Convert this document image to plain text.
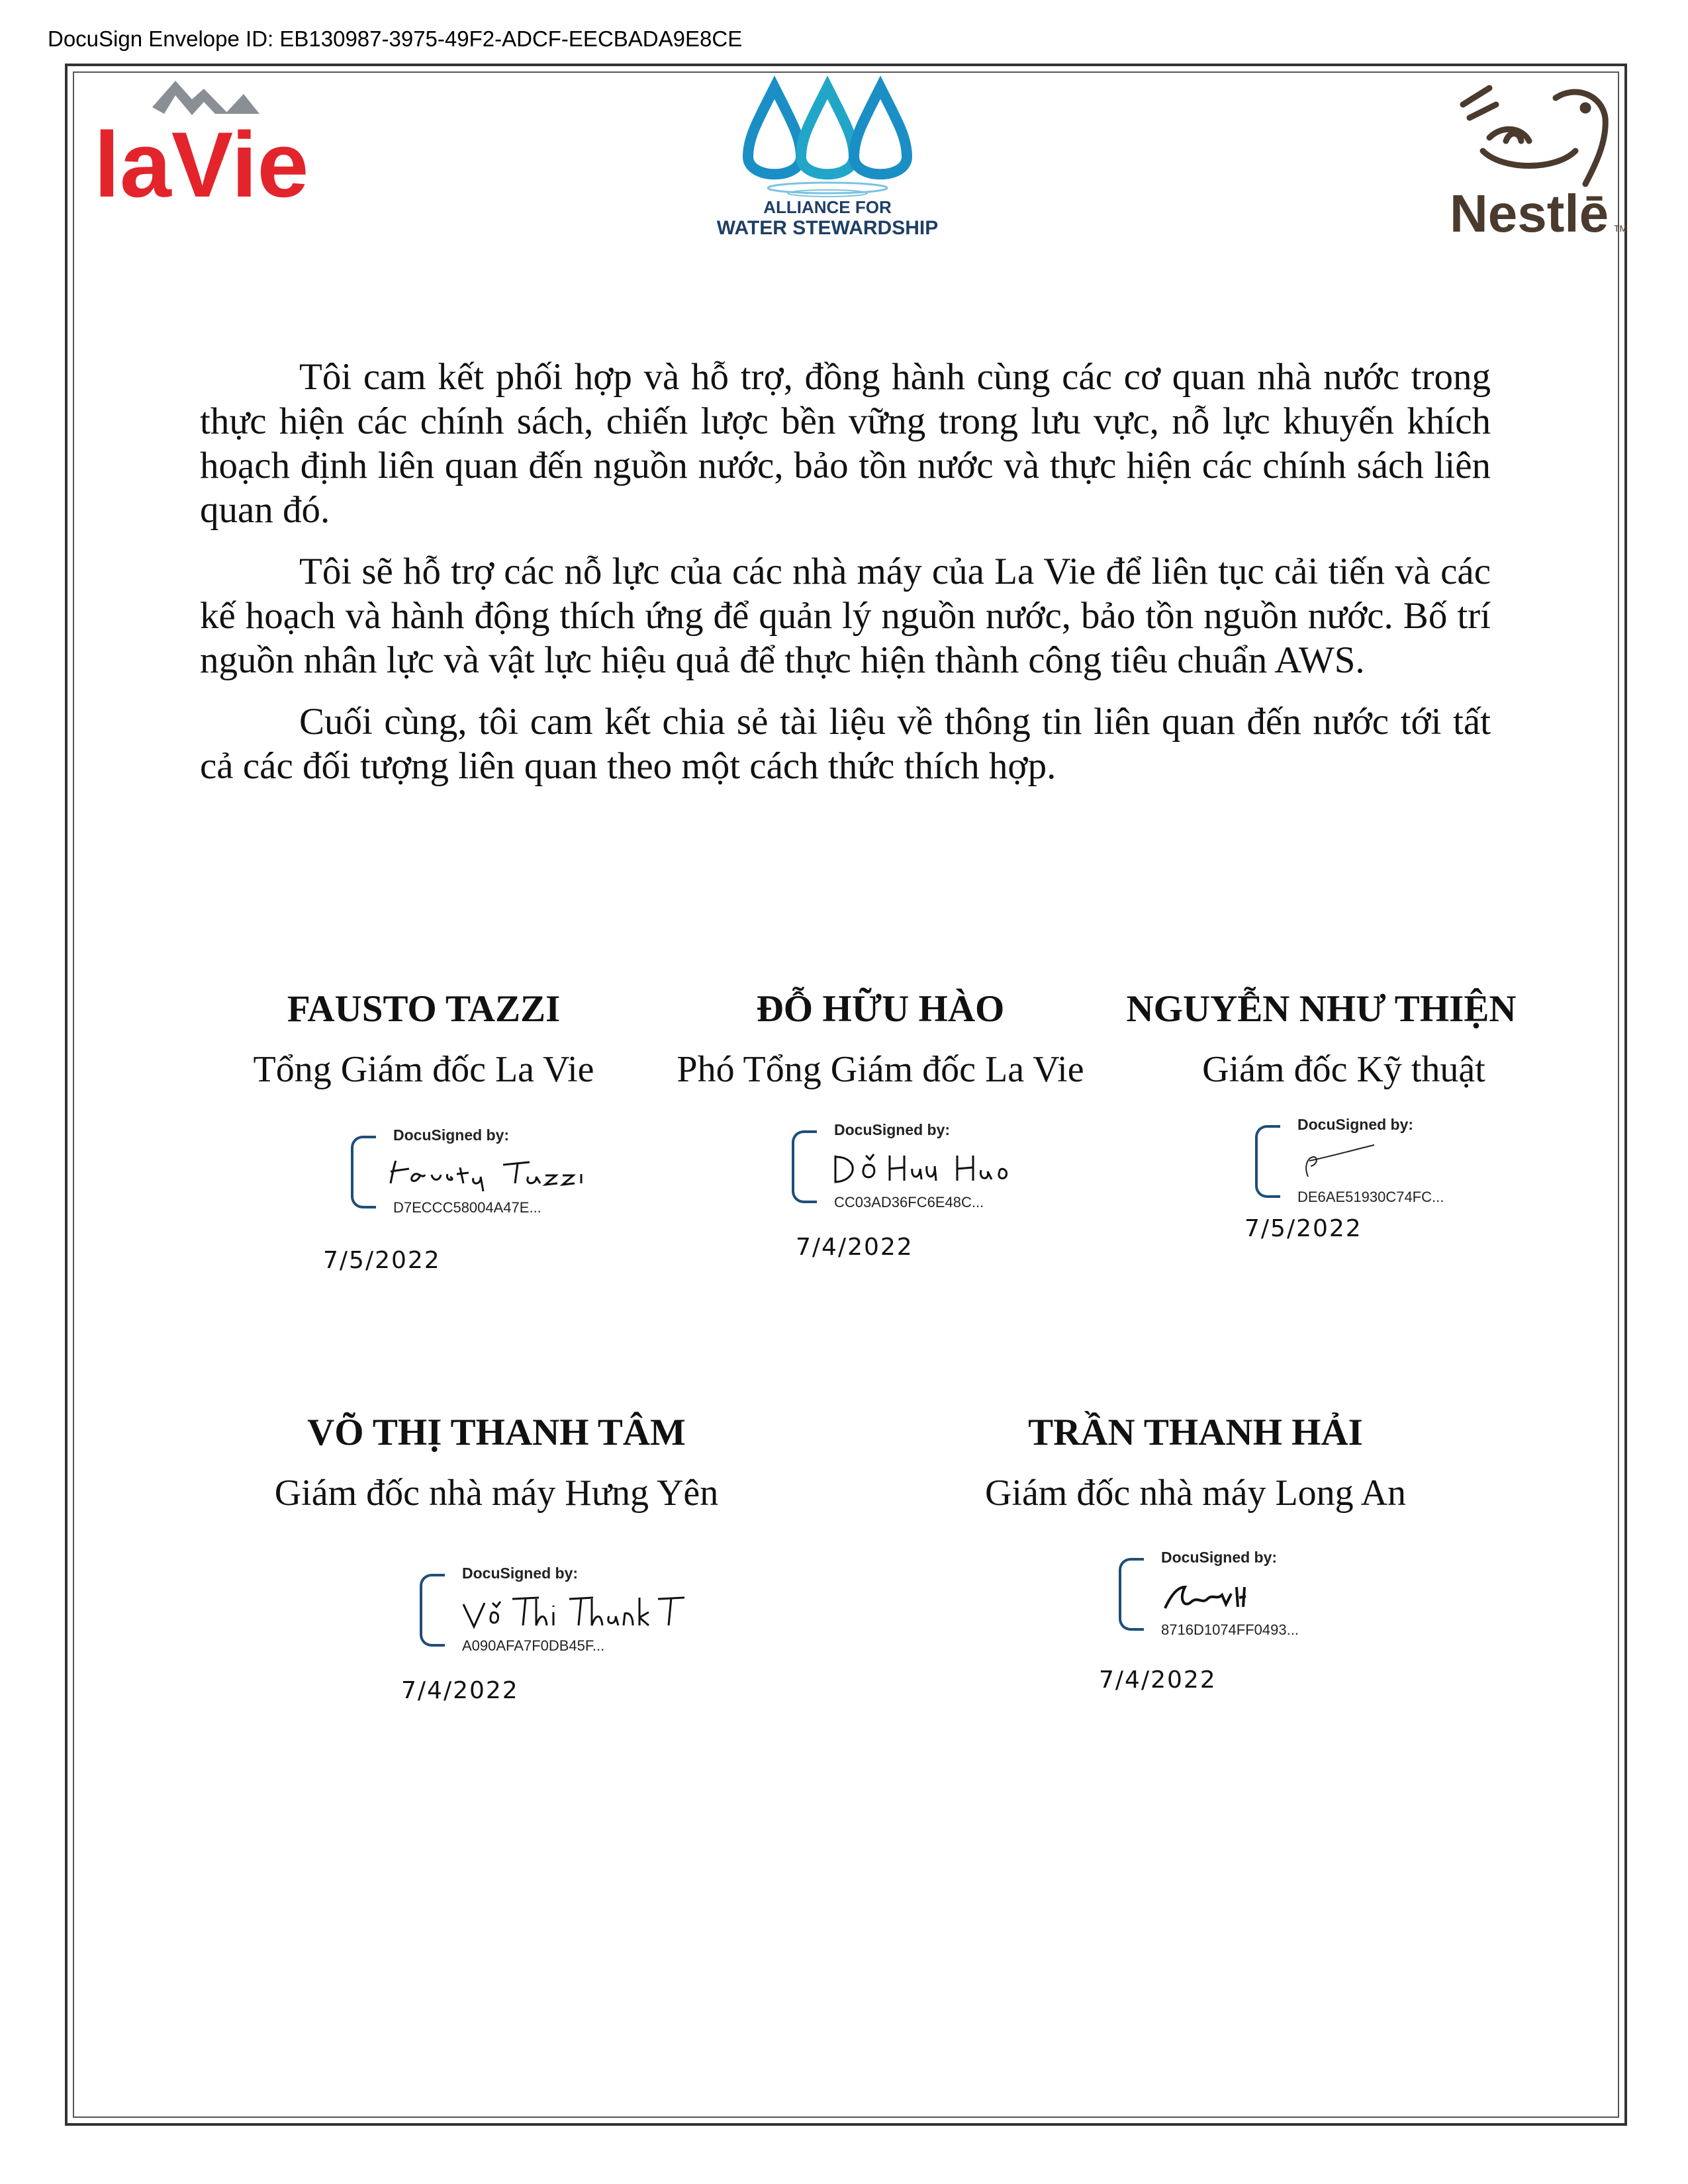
DocuSign Envelope ID: EB130987-3975-49F2-ADCF-EECBADA9E8CE
laVie	ALLIANCE FOR
WATER STEWARDSHIP	Nestlē TM

Tôi cam kết phối hợp và hỗ trợ, đồng hành cùng các cơ quan nhà nước trong thực hiện các chính sách, chiến lược bền vững trong lưu vực, nỗ lực khuyến khích hoạch định liên quan đến nguồn nước, bảo tồn nước và thực hiện các chính sách liên quan đó.

Tôi sẽ hỗ trợ các nỗ lực của các nhà máy của La Vie để liên tục cải tiến và các kế hoạch và hành động thích ứng để quản lý nguồn nước, bảo tồn nguồn nước. Bố trí nguồn nhân lực và vật lực hiệu quả để thực hiện thành công tiêu chuẩn AWS.

Cuối cùng, tôi cam kết chia sẻ tài liệu về thông tin liên quan đến nước tới tất cả các đối tượng liên quan theo một cách thức thích hợp.

FAUSTO TAZZI
Tổng Giám đốc La Vie
DocuSigned by:
D7ECCC58004A47E...
7/5/2022
ĐỖ HỮU HÀO
Phó Tổng Giám đốc La Vie
DocuSigned by:
CC03AD36FC6E48C...
7/4/2022
NGUYỄN NHƯ THIỆN
Giám đốc Kỹ thuật
DocuSigned by:
DE6AE51930C74FC...
7/5/2022
VÕ THỊ THANH TÂM
Giám đốc nhà máy Hưng Yên
DocuSigned by:
A090AFA7F0DB45F...
7/4/2022
TRẦN THANH HẢI
Giám đốc nhà máy Long An
DocuSigned by:
8716D1074FF0493...
7/4/2022
